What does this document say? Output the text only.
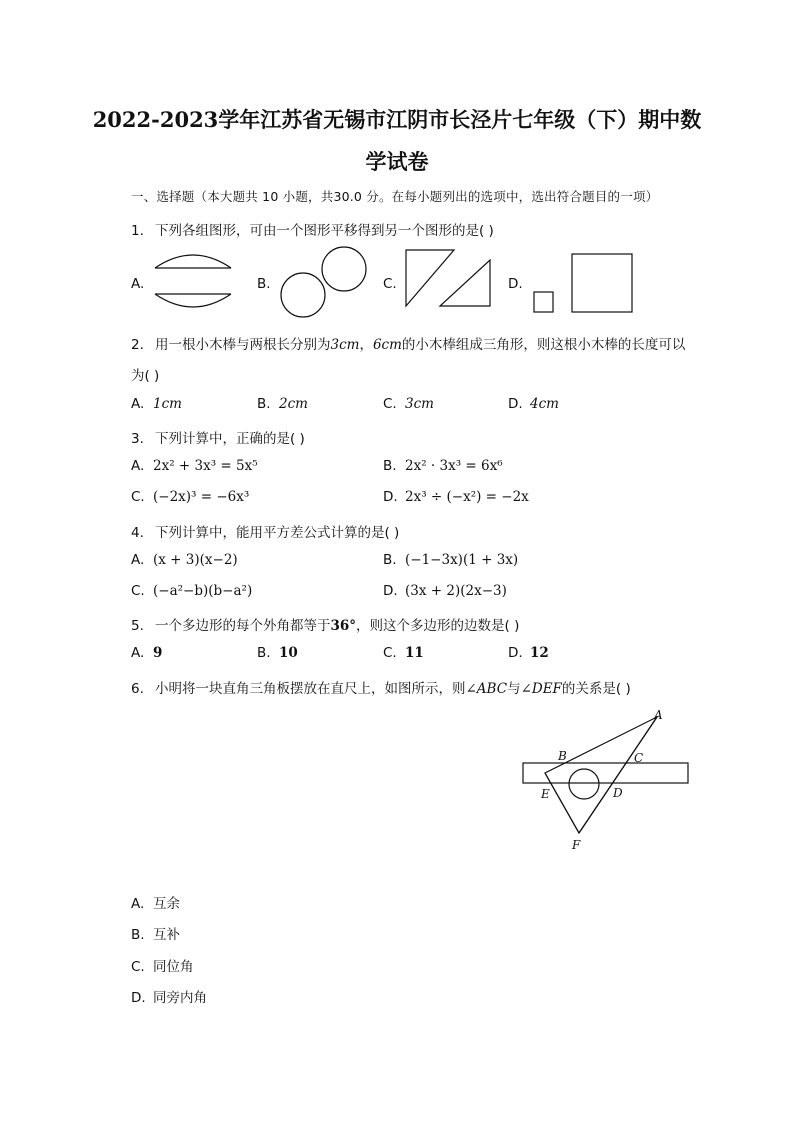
2022-2023学年江苏省无锡市江阴市长泾片七年级（下）期中数
学试卷
一、选择题（本大题共 10 小题，共30.0 分。在每小题列出的选项中，选出符合题目的一项）
1. 下列各组图形，可由一个图形平移得到另一个图形的是( )
A.	B.	C.	D.
2. 用一根小木棒与两根长分别为3cm，6cm的小木棒组成三角形，则这根小木棒的长度可以
为( )
A. 1cm	B. 2cm	C. 3cm	D. 4cm
3. 下列计算中，正确的是( )
A. 2x² + 3x³ = 5x⁵	B. 2x² · 3x³ = 6x⁶
C. (−2x)³ = −6x³	D. 2x³ ÷ (−x²) = −2x
4. 下列计算中，能用平方差公式计算的是( )
A. (x + 3)(x−2)	B. (−1−3x)(1 + 3x)
C. (−a²−b)(b−a²)	D. (3x + 2)(2x−3)
5. 一个多边形的每个外角都等于36°，则这个多边形的边数是( )
A. 9	B. 10	C. 11	D. 12
6. 小明将一块直角三角板摆放在直尺上，如图所示，则∠ABC与∠DEF的关系是( )
A
B	C
D
E
F
A. 互余
B. 互补
C. 同位角
D. 同旁内角
